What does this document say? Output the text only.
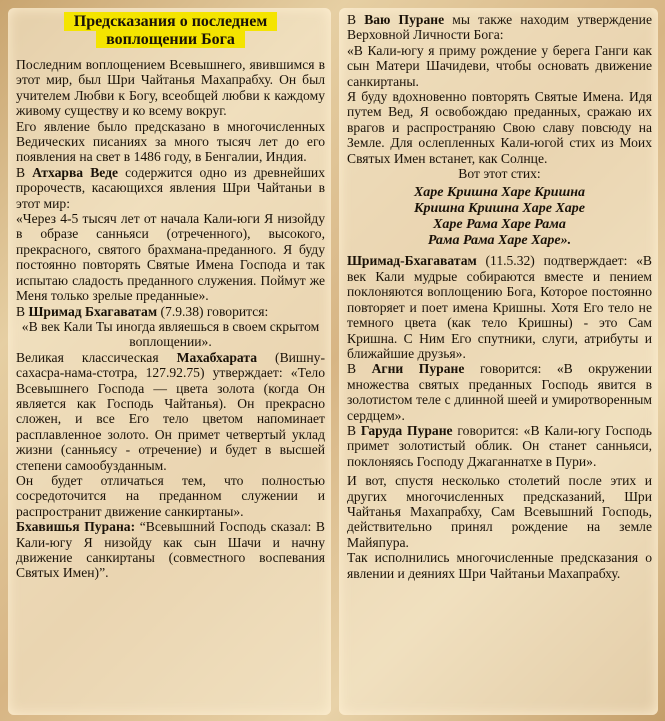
Предсказания о последнем
воплощении Бога

Последним воплощением Всевышнего, явившимся в этот мир, был Шри Чайтанья Махапрабху. Он был учителем Любви к Богу, всеобщей любви к каждому живому существу и ко всему вокруг.

Его явление было предсказано в многочисленных Ведических писаниях за много тысяч лет до его появления на свет в 1486 году, в Бенгалии, Индия.

В Атхарва Веде содержится одно из древнейших пророчеств, касающихся явления Шри Чайтаньи в этот мир:

«Через 4-5 тысяч лет от начала Кали-юги Я низойду в образе санньяси (отреченного), высокого, прекрасного, святого брахмана-преданного. Я буду постоянно повторять Святые Имена Господа и так испытаю сладость преданного служения. Поймут же Меня только зрелые преданные».

В Шримад Бхагаватам (7.9.38) говорится:

«В век Кали Ты иногда являешься в своем скрытом воплощении».

Великая классическая Махабхарата (Вишну-сахасра-нама-стотра, 127.92.75) утверждает: «Тело Всевышнего Господа — цвета золота (когда Он является как Господь Чайтанья). Он прекрасно сложен, и все Его тело цветом напоминает расплавленное золото. Он примет четвертый уклад жизни (санньясу - отречение) и будет в высшей степени самообузданным.

Он будет отличаться тем, что полностью сосредоточится на преданном служении и распространит движение санкиртаны».

Бхавишья Пурана: “Всевышний Господь сказал: В Кали-югу Я низойду как сын Шачи и начну движение санкиртаны (совместного воспевания Святых Имен)”.

В Ваю Пуране мы также находим утверждение Верховной Личности Бога:

«В Кали-югу я приму рождение у берега Ганги как сын Матери Шачидеви, чтобы основать движение санкиртаны.

Я буду вдохновенно повторять Святые Имена. Идя путем Вед, Я освобождаю преданных, сражаю их врагов и распространяю Свою славу повсюду на Земле. Для ослепленных Кали-югой стих из Моих Святых Имен встанет, как Солнце.

Вот этот стих:

Харе Кришна Харе Кришна

Кришна Кришна Харе Харе

Харе Рама Харе Рама

Рама Рама Харе Харе».

Шримад-Бхагаватам (11.5.32) подтверждает: «В век Кали мудрые собираются вместе и пением поклоняются воплощению Бога, Которое постоянно повторяет и поет имена Кришны. Хотя Его тело не темного цвета (как тело Кришны) - это Сам Кришна. С Ним Его спутники, слуги, атрибуты и ближайшие друзья».

В Агни Пуране говорится: «В окружении множества святых преданных Господь явится в золотистом теле с длинной шеей и умиротворенным сердцем».

В Гаруда Пуране говорится: «В Кали-югу Господь примет золотистый облик. Он станет санньяси, поклоняясь Господу Джаганнатхе в Пури».

И вот, спустя несколько столетий после этих и других многочисленных предсказаний, Шри Чайтанья Махапрабху, Сам Всевышний Господь, действительно принял рождение на земле Майяпура.

Так исполнились многочисленные предсказания о явлении и деяниях Шри Чайтаньи Махапрабху.
